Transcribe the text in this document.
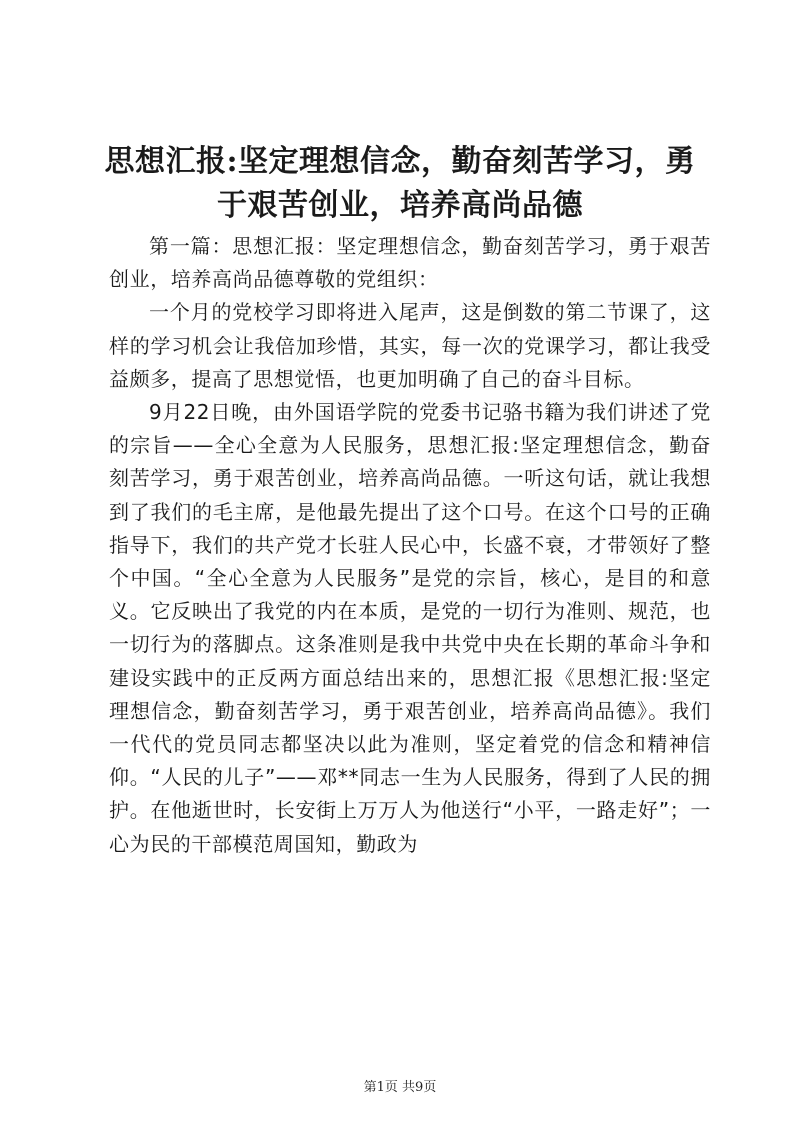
思想汇报:坚定理想信念，勤奋刻苦学习，勇于艰苦创业，培养高尚品德

第一篇：思想汇报：坚定理想信念，勤奋刻苦学习，勇于艰苦创业，培养高尚品德尊敬的党组织：

一个月的党校学习即将进入尾声，这是倒数的第二节课了，这样的学习机会让我倍加珍惜，其实，每一次的党课学习，都让我受益颇多，提高了思想觉悟，也更加明确了自己的奋斗目标。

9月22日晚，由外国语学院的党委书记骆书籍为我们讲述了党的宗旨——全心全意为人民服务，思想汇报:坚定理想信念，勤奋刻苦学习，勇于艰苦创业，培养高尚品德。一听这句话，就让我想到了我们的毛主席，是他最先提出了这个口号。在这个口号的正确指导下，我们的共产党才长驻人民心中，长盛不衰，才带领好了整个中国。“全心全意为人民服务”是党的宗旨，核心，是目的和意义。它反映出了我党的内在本质，是党的一切行为准则、规范，也一切行为的落脚点。这条准则是我中共党中央在长期的革命斗争和建设实践中的正反两方面总结出来的，思想汇报《思想汇报:坚定理想信念，勤奋刻苦学习，勇于艰苦创业，培养高尚品德》。我们一代代的党员同志都坚决以此为准则，坚定着党的信念和精神信仰。“人民的儿子”——邓**同志一生为人民服务，得到了人民的拥护。在他逝世时，长安街上万万人为他送行“小平，一路走好”；一心为民的干部模范周国知，勤政为

第1页 共9页
